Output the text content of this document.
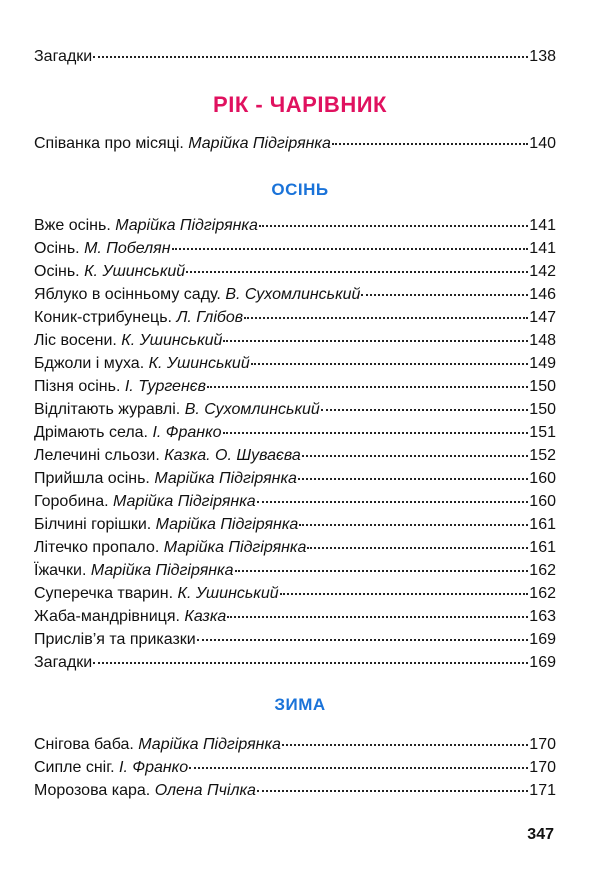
Загадки	138
РІК - ЧАРІВНИК
Співанка про місяці. Марійка Підгірянка	140
ОСІНЬ
Вже осінь. Марійка Підгірянка	141
Осінь. М. Побелян	141
Осінь. К. Ушинський	142
Яблуко в осінньому саду. В. Сухомлинський	146
Коник-стрибунець. Л. Глібов	147
Ліс восени. К. Ушинський	148
Бджоли і муха. К. Ушинський	149
Пізня осінь. І. Тургенєв	150
Відлітають журавлі. В. Сухомлинський	150
Дрімають села. І. Франко	151
Лелечині сльози. Казка. О. Шуваєва	152
Прийшла осінь. Марійка Підгірянка	160
Горобина. Марійка Підгірянка	160
Білчині горішки. Марійка Підгірянка	161
Літечко пропало. Марійка Підгірянка	161
Їжачки. Марійка Підгірянка	162
Суперечка тварин. К. Ушинський	162
Жаба-мандрівниця. Казка	163
Прислів’я та приказки	169
Загадки	169
ЗИМА
Снігова баба. Марійка Підгірянка	170
Сипле сніг. І. Франко	170
Морозова кара. Олена Пчілка	171
347
